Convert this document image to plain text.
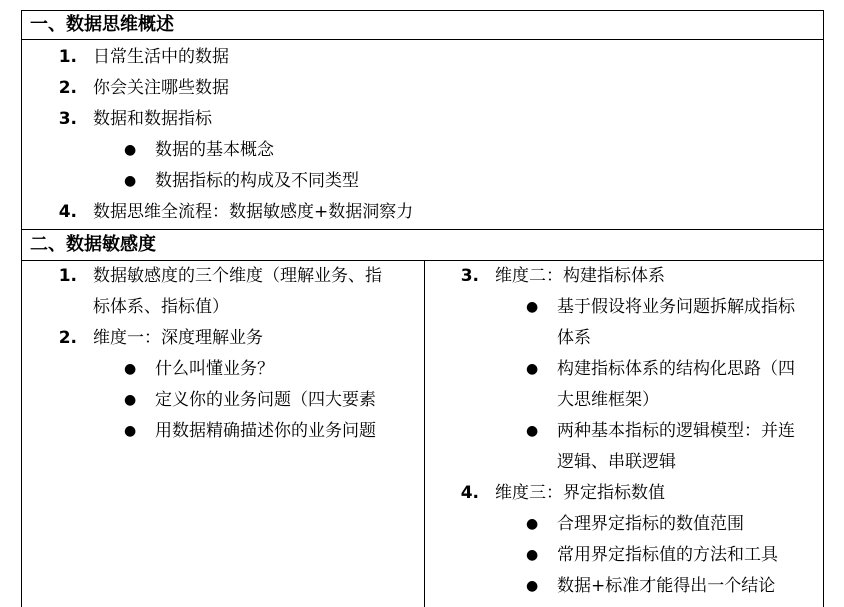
一、数据思维概述
1. 日常生活中的数据
2. 你会关注哪些数据
3. 数据和数据指标
● 数据的基本概念
● 数据指标的构成及不同类型
4. 数据思维全流程：数据敏感度+数据洞察力
二、数据敏感度
1. 数据敏感度的三个维度（理解业务、指
标体系、指标值）
2. 维度一：深度理解业务
● 什么叫懂业务？
● 定义你的业务问题（四大要素
● 用数据精确描述你的业务问题
3. 维度二：构建指标体系
● 基于假设将业务问题拆解成指标
体系
● 构建指标体系的结构化思路（四
大思维框架）
● 两种基本指标的逻辑模型：并连
逻辑、串联逻辑
4. 维度三：界定指标数值
● 合理界定指标的数值范围
● 常用界定指标值的方法和工具
● 数据+标准才能得出一个结论
